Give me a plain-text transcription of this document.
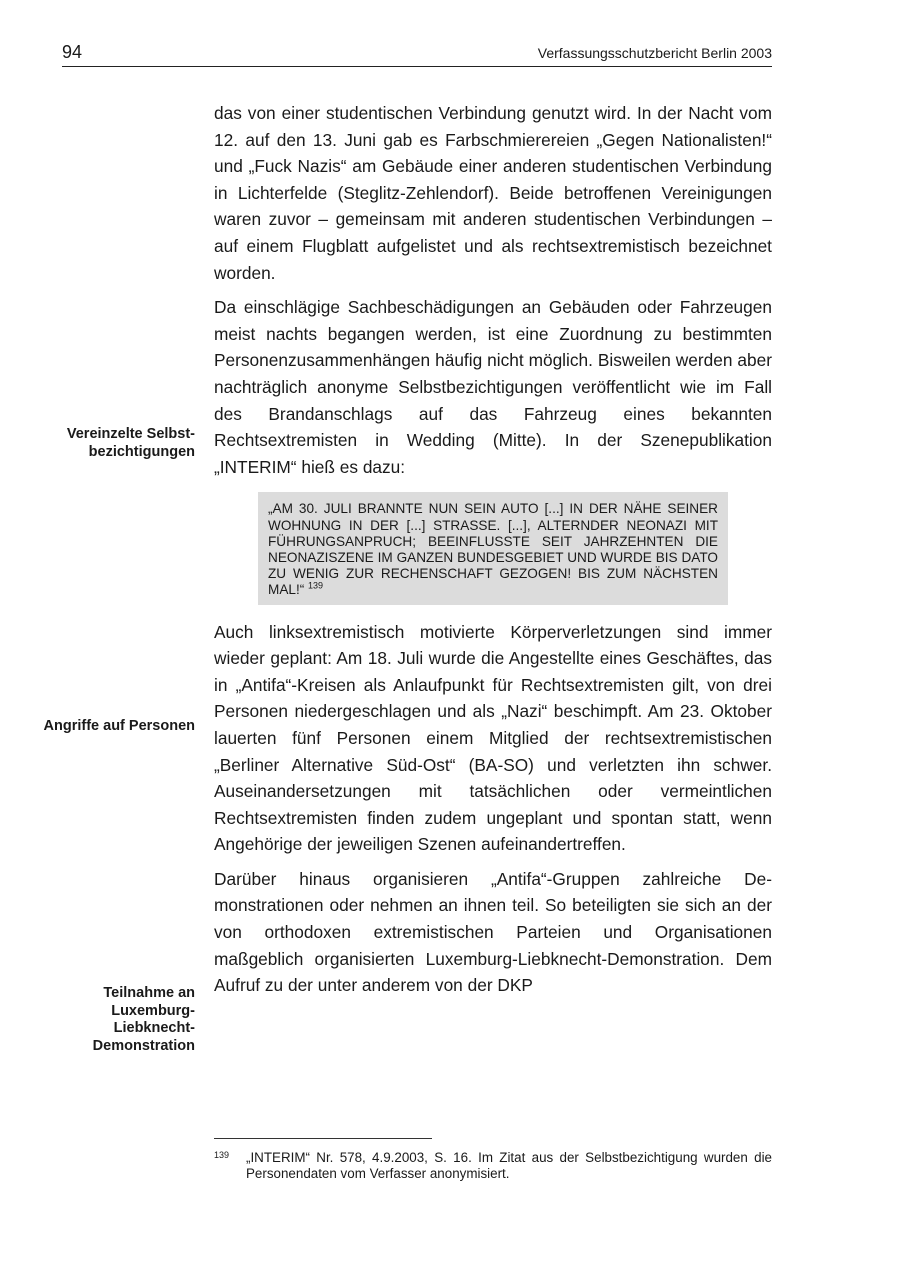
94	Verfassungsschutzbericht Berlin 2003
Vereinzelte Selbst- bezichtigungen
Angriffe auf Personen
Teilnahme an Luxemburg- Liebknecht- Demonstration

das von einer studentischen Verbindung genutzt wird. In der Nacht vom 12. auf den 13. Juni gab es Farbschmierereien „Gegen Nationalisten!“ und „Fuck Nazis“ am Gebäude einer anderen studentischen Verbindung in Lichterfelde (Steglitz-Zehlendorf). Beide betroffenen Vereinigungen waren zuvor – gemeinsam mit anderen studentischen Verbindungen – auf einem Flugblatt aufgelistet und als rechtsextremistisch bezeichnet worden.

Da einschlägige Sachbeschädigungen an Gebäuden oder Fahrzeugen meist nachts begangen werden, ist eine Zuordnung zu bestimmten Personenzusammenhängen häufig nicht möglich. Bisweilen werden aber nachträglich anonyme Selbstbezichtigungen veröffentlicht wie im Fall des Brandanschlags auf das Fahrzeug eines bekannten Rechtsextremisten in Wedding (Mitte). In der Szenepublikation „INTERIM“ hieß es dazu:

„AM 30. JULI BRANNTE NUN SEIN AUTO [...] IN DER NÄHE SEINER WOHNUNG IN DER [...] STRASSE. [...], ALTERNDER NEONAZI MIT FÜHRUNGSANPRUCH; BEEINFLUSSTE SEIT JAHRZEHNTEN DIE NEONAZISZENE IM GANZEN BUNDESGEBIET UND WURDE BIS DATO ZU WENIG ZUR RECHENSCHAFT GEZOGEN! BIS ZUM NÄCHSTEN MAL!“ $^{139}$

Auch linksextremistisch motivierte Körperverletzungen sind immer wieder geplant: Am 18. Juli wurde die Angestellte eines Geschäftes, das in „Antifa“-Kreisen als Anlaufpunkt für Rechtsextremisten gilt, von drei Personen niedergeschlagen und als „Nazi“ beschimpft. Am 23. Oktober lauerten fünf Personen einem Mitglied der rechtsextremistischen „Berliner Alternative Süd-Ost“ (BA-SO) und verletzten ihn schwer. Auseinandersetzungen mit tatsächlichen oder vermeintlichen Rechtsextremisten finden zudem ungeplant und spontan statt, wenn Angehörige der jeweiligen Szenen aufeinandertreffen.

Darüber hinaus organisieren „Antifa“-Gruppen zahlreiche Demonstrationen oder nehmen an ihnen teil. So beteiligten sie sich an der von orthodoxen extremistischen Parteien und Organisationen maßgeblich organisierten Luxemburg-Liebknecht-Demonstration. Dem Aufruf zu der unter anderem von der DKP

139 „INTERIM“ Nr. 578, 4.9.2003, S. 16. Im Zitat aus der Selbstbezichtigung wurden die Personendaten vom Verfasser anonymisiert.
